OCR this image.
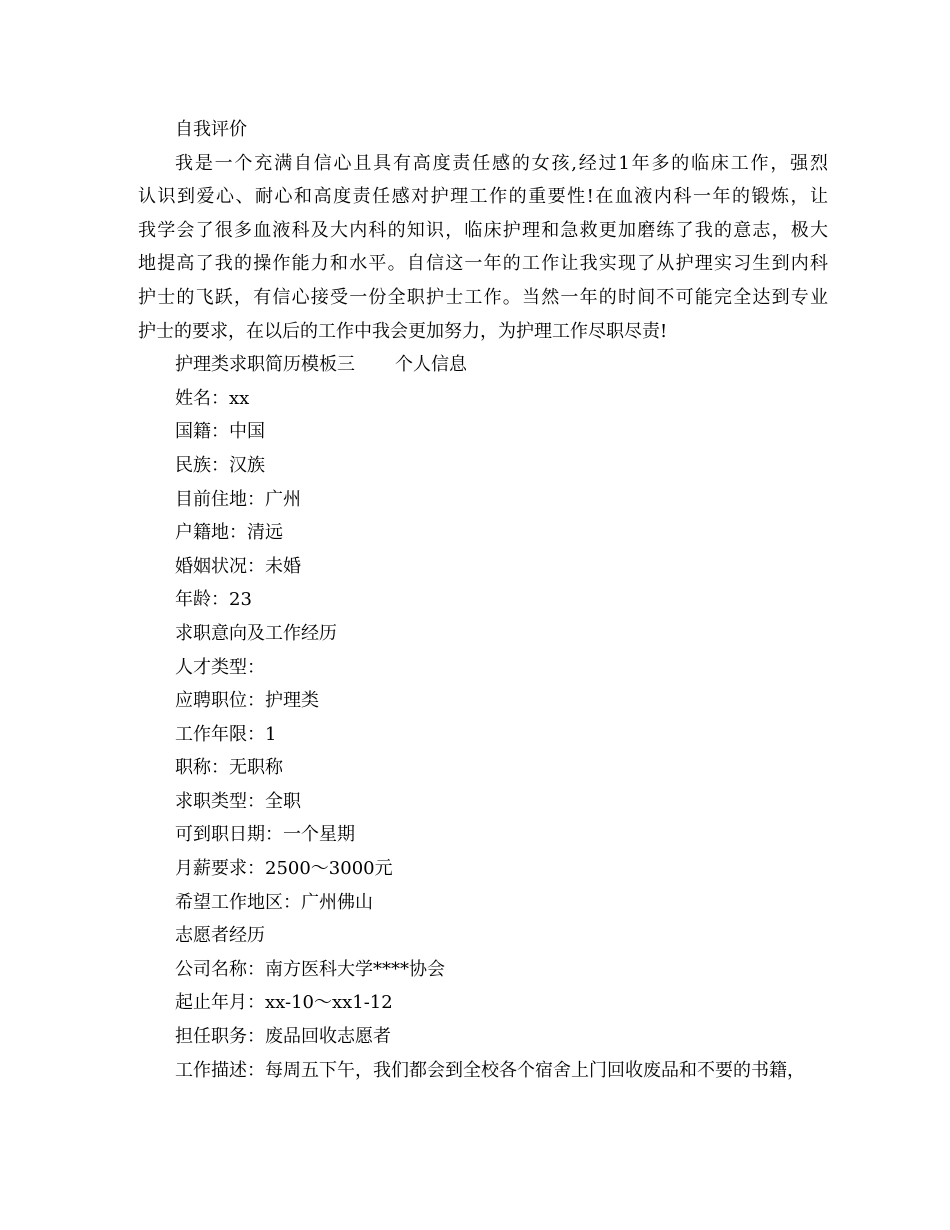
自我评价

我是一个充满自信心且具有高度责任感的女孩,经过1年多的临床工作，强烈

认识到爱心、耐心和高度责任感对护理工作的重要性!在血液内科一年的锻炼，让

我学会了很多血液科及大内科的知识，临床护理和急救更加磨练了我的意志，极大

地提高了我的操作能力和水平。自信这一年的工作让我实现了从护理实习生到内科

护士的飞跃，有信心接受一份全职护士工作。当然一年的时间不可能完全达到专业

护士的要求，在以后的工作中我会更加努力，为护理工作尽职尽责!

护理类求职简历模板三 个人信息

姓名：xx

国籍：中国

民族：汉族

目前住地：广州

户籍地：清远

婚姻状况：未婚

年龄：23

求职意向及工作经历

人才类型：

应聘职位：护理类

工作年限：1

职称：无职称

求职类型：全职

可到职日期：一个星期

月薪要求：2500～3000元

希望工作地区：广州佛山

志愿者经历

公司名称：南方医科大学****协会

起止年月：xx-10～xx1-12

担任职务：废品回收志愿者

工作描述：每周五下午，我们都会到全校各个宿舍上门回收废品和不要的书籍，
